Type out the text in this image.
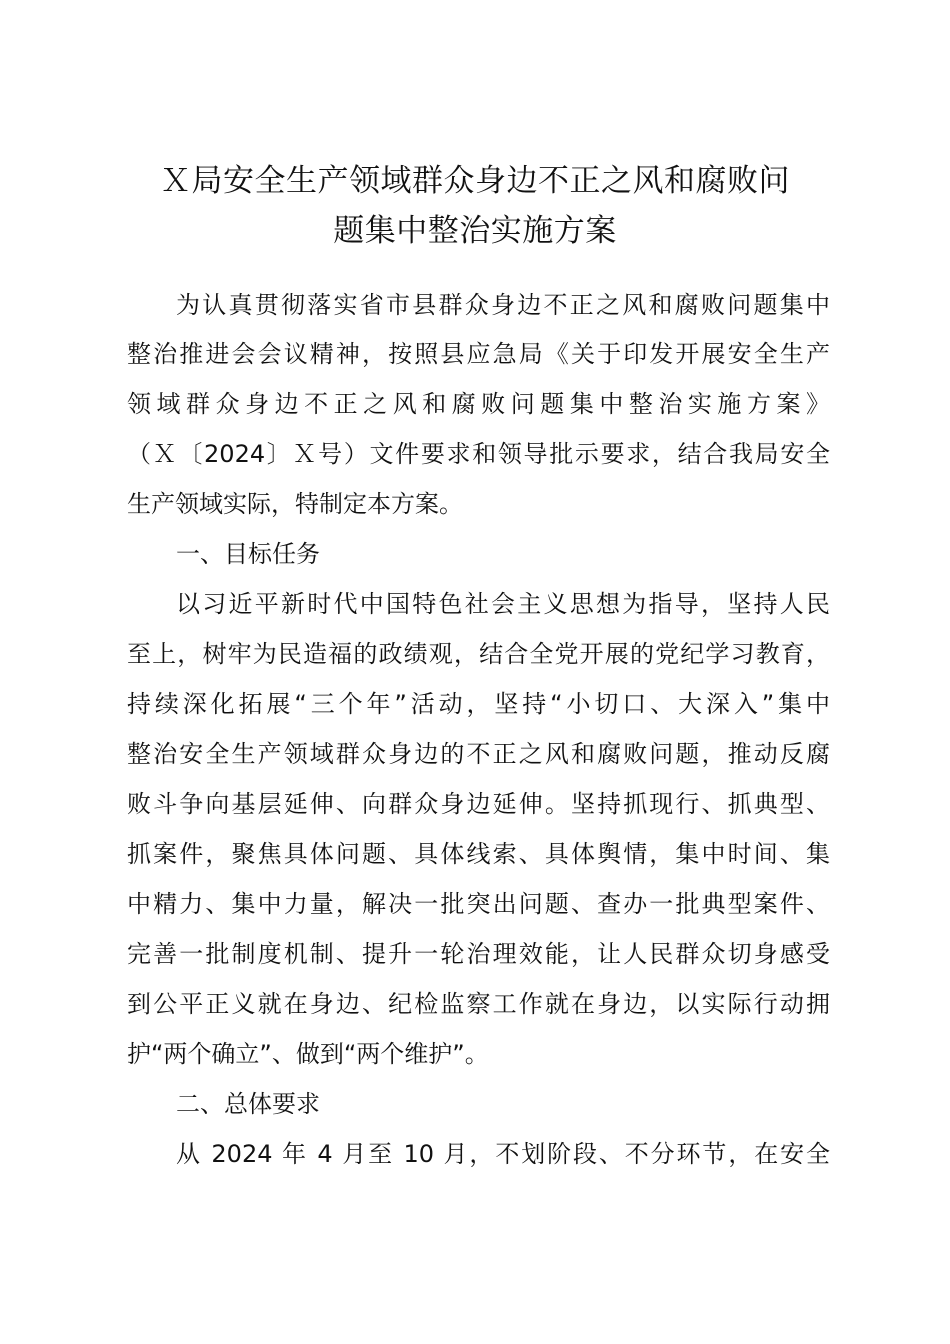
Ｘ局安全生产领域群众身边不正之风和腐败问
题集中整治实施方案
为认真贯彻落实省市县群众身边不正之风和腐败问题集中
整治推进会会议精神，按照县应急局《关于印发开展安全生产
领域群众身边不正之风和腐败问题集中整治实施方案》
（Ｘ〔2024〕Ｘ号）文件要求和领导批示要求，结合我局安全
生产领域实际，特制定本方案。
一、目标任务
以习近平新时代中国特色社会主义思想为指导，坚持人民
至上，树牢为民造福的政绩观，结合全党开展的党纪学习教育，
持续深化拓展“三个年”活动，坚持“小切口、大深入”集中
整治安全生产领域群众身边的不正之风和腐败问题，推动反腐
败斗争向基层延伸、向群众身边延伸。坚持抓现行、抓典型、
抓案件，聚焦具体问题、具体线索、具体舆情，集中时间、集
中精力、集中力量，解决一批突出问题、查办一批典型案件、
完善一批制度机制、提升一轮治理效能，让人民群众切身感受
到公平正义就在身边、纪检监察工作就在身边，以实际行动拥
护“两个确立”、做到“两个维护”。
二、总体要求
从 2024 年 4 月至 10 月，不划阶段、不分环节，在安全
